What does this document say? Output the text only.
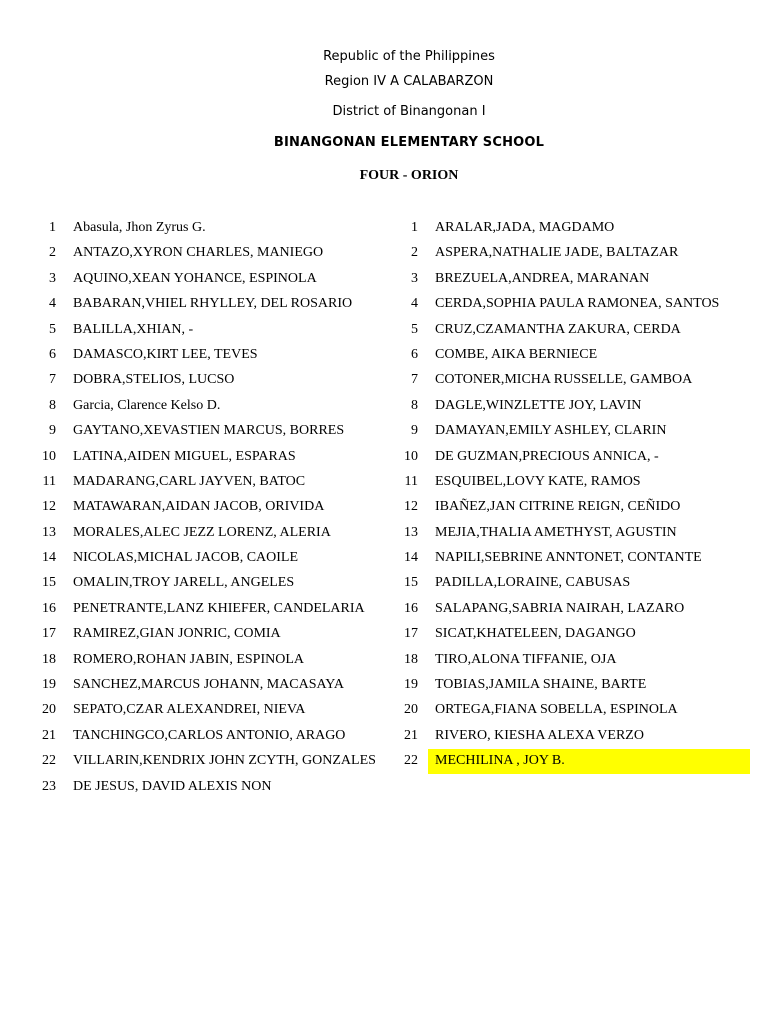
Republic of the Philippines
Region IV A CALABARZON
District of Binangonan I
BINANGONAN ELEMENTARY SCHOOL
FOUR - ORION
1 Abasula, Jhon Zyrus G.
2 ANTAZO,XYRON CHARLES, MANIEGO
3 AQUINO,XEAN YOHANCE, ESPINOLA
4 BABARAN,VHIEL RHYLLEY, DEL ROSARIO
5 BALILLA,XHIAN, -
6 DAMASCO,KIRT LEE, TEVES
7 DOBRA,STELIOS, LUCSO
8 Garcia, Clarence Kelso D.
9 GAYTANO,XEVASTIEN MARCUS, BORRES
10 LATINA,AIDEN MIGUEL, ESPARAS
11 MADARANG,CARL JAYVEN, BATOC
12 MATAWARAN,AIDAN JACOB, ORIVIDA
13 MORALES,ALEC JEZZ LORENZ, ALERIA
14 NICOLAS,MICHAL JACOB, CAOILE
15 OMALIN,TROY JARELL, ANGELES
16 PENETRANTE,LANZ KHIEFER, CANDELARIA
17 RAMIREZ,GIAN JONRIC, COMIA
18 ROMERO,ROHAN JABIN, ESPINOLA
19 SANCHEZ,MARCUS JOHANN, MACASAYA
20 SEPATO,CZAR ALEXANDREI, NIEVA
21 TANCHINGCO,CARLOS ANTONIO, ARAGO
22 VILLARIN,KENDRIX JOHN ZCYTH, GONZALES
23 DE JESUS, DAVID ALEXIS NON
1 ARALAR,JADA, MAGDAMO
2 ASPERA,NATHALIE JADE, BALTAZAR
3 BREZUELA,ANDREA, MARANAN
4 CERDA,SOPHIA PAULA RAMONEA, SANTOS
5 CRUZ,CZAMANTHA ZAKURA, CERDA
6 COMBE, AIKA BERNIECE
7 COTONER,MICHA RUSSELLE, GAMBOA
8 DAGLE,WINZLETTE JOY, LAVIN
9 DAMAYAN,EMILY ASHLEY, CLARIN
10 DE GUZMAN,PRECIOUS ANNICA, -
11 ESQUIBEL,LOVY KATE, RAMOS
12 IBAÑEZ,JAN CITRINE REIGN, CEÑIDO
13 MEJIA,THALIA AMETHYST, AGUSTIN
14 NAPILI,SEBRINE ANNTONET, CONTANTE
15 PADILLA,LORAINE, CABUSAS
16 SALAPANG,SABRIA NAIRAH, LAZARO
17 SICAT,KHATELEEN, DAGANGO
18 TIRO,ALONA TIFFANIE, OJA
19 TOBIAS,JAMILA SHAINE, BARTE
20 ORTEGA,FIANA SOBELLA, ESPINOLA
21 RIVERO, KIESHA ALEXA VERZO
22 MECHILINA , JOY B.
